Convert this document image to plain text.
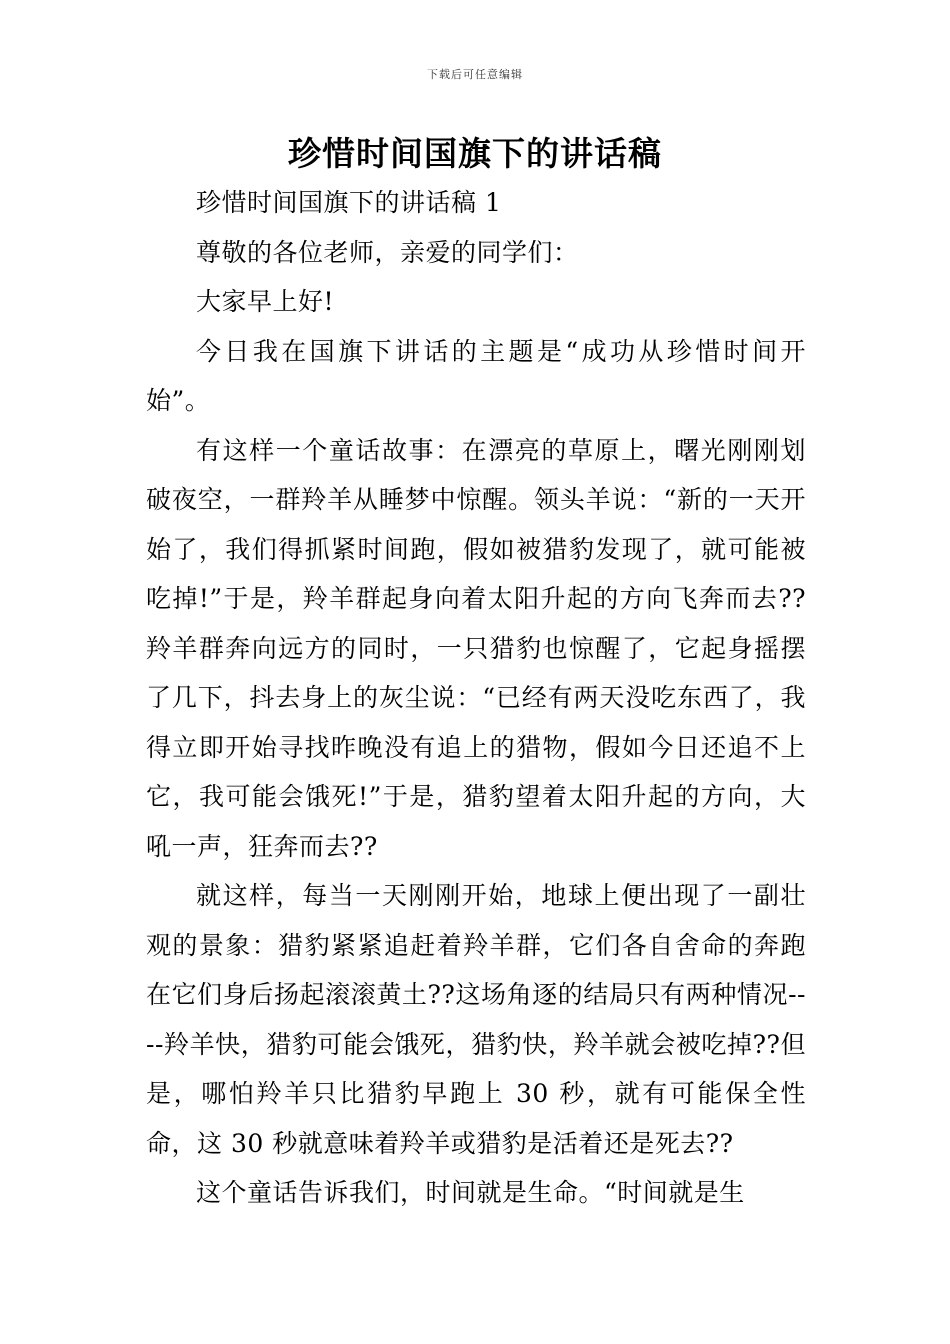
下载后可任意编辑
珍惜时间国旗下的讲话稿

珍惜时间国旗下的讲话稿 1

尊敬的各位老师，亲爱的同学们：

大家早上好!

今日我在国旗下讲话的主题是“成功从珍惜时间开始”。

有这样一个童话故事：在漂亮的草原上，曙光刚刚划破夜空，一群羚羊从睡梦中惊醒。领头羊说：“新的一天开始了，我们得抓紧时间跑，假如被猎豹发现了，就可能被吃掉!”于是，羚羊群起身向着太阳升起的方向飞奔而去??羚羊群奔向远方的同时，一只猎豹也惊醒了，它起身摇摆了几下，抖去身上的灰尘说：“已经有两天没吃东西了，我得立即开始寻找昨晚没有追上的猎物，假如今日还追不上它，我可能会饿死!”于是，猎豹望着太阳升起的方向，大吼一声，狂奔而去??

就这样，每当一天刚刚开始，地球上便出现了一副壮观的景象：猎豹紧紧追赶着羚羊群，它们各自舍命的奔跑在它们身后扬起滚滚黄土??这场角逐的结局只有两种情况----羚羊快，猎豹可能会饿死，猎豹快，羚羊就会被吃掉??但是，哪怕羚羊只比猎豹早跑上 30 秒，就有可能保全性命，这 30 秒就意味着羚羊或猎豹是活着还是死去??

这个童话告诉我们，时间就是生命。“时间就是生
